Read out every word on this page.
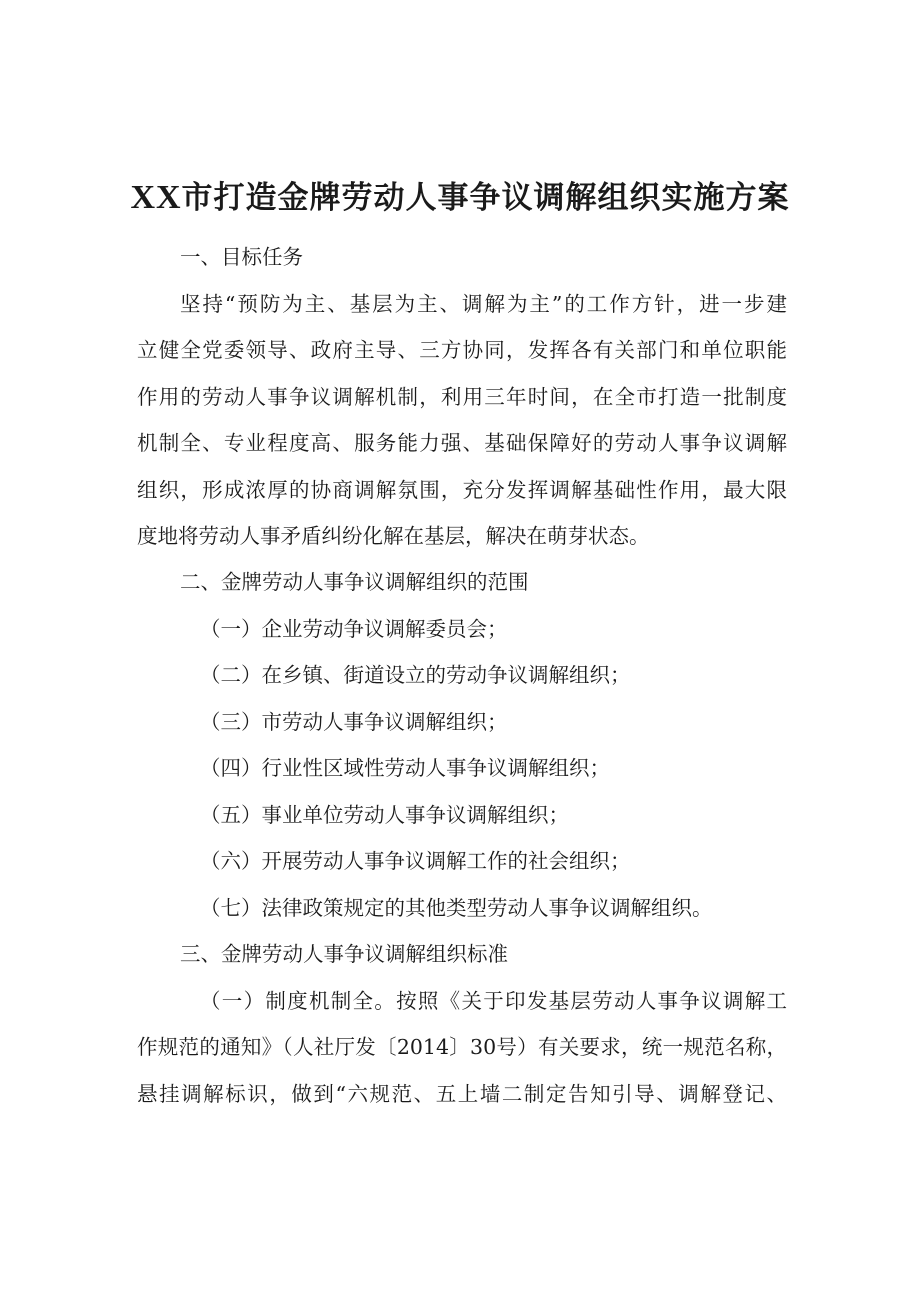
XX市打造金牌劳动人事争议调解组织实施方案
一、目标任务
坚持“预防为主、基层为主、调解为主”的工作方针，进一步建
立健全党委领导、政府主导、三方协同，发挥各有关部门和单位职能
作用的劳动人事争议调解机制，利用三年时间，在全市打造一批制度
机制全、专业程度高、服务能力强、基础保障好的劳动人事争议调解
组织，形成浓厚的协商调解氛围，充分发挥调解基础性作用，最大限
度地将劳动人事矛盾纠纷化解在基层，解决在萌芽状态。
二、金牌劳动人事争议调解组织的范围
（一）企业劳动争议调解委员会；
（二）在乡镇、街道设立的劳动争议调解组织；
（三）市劳动人事争议调解组织；
（四）行业性区域性劳动人事争议调解组织；
（五）事业单位劳动人事争议调解组织；
（六）开展劳动人事争议调解工作的社会组织；
（七）法律政策规定的其他类型劳动人事争议调解组织。
三、金牌劳动人事争议调解组织标准
（一）制度机制全。按照《关于印发基层劳动人事争议调解工
作规范的通知》（人社厅发〔2014〕30号）有关要求，统一规范名称，
悬挂调解标识，做到“六规范、五上墙二制定告知引导、调解登记、
